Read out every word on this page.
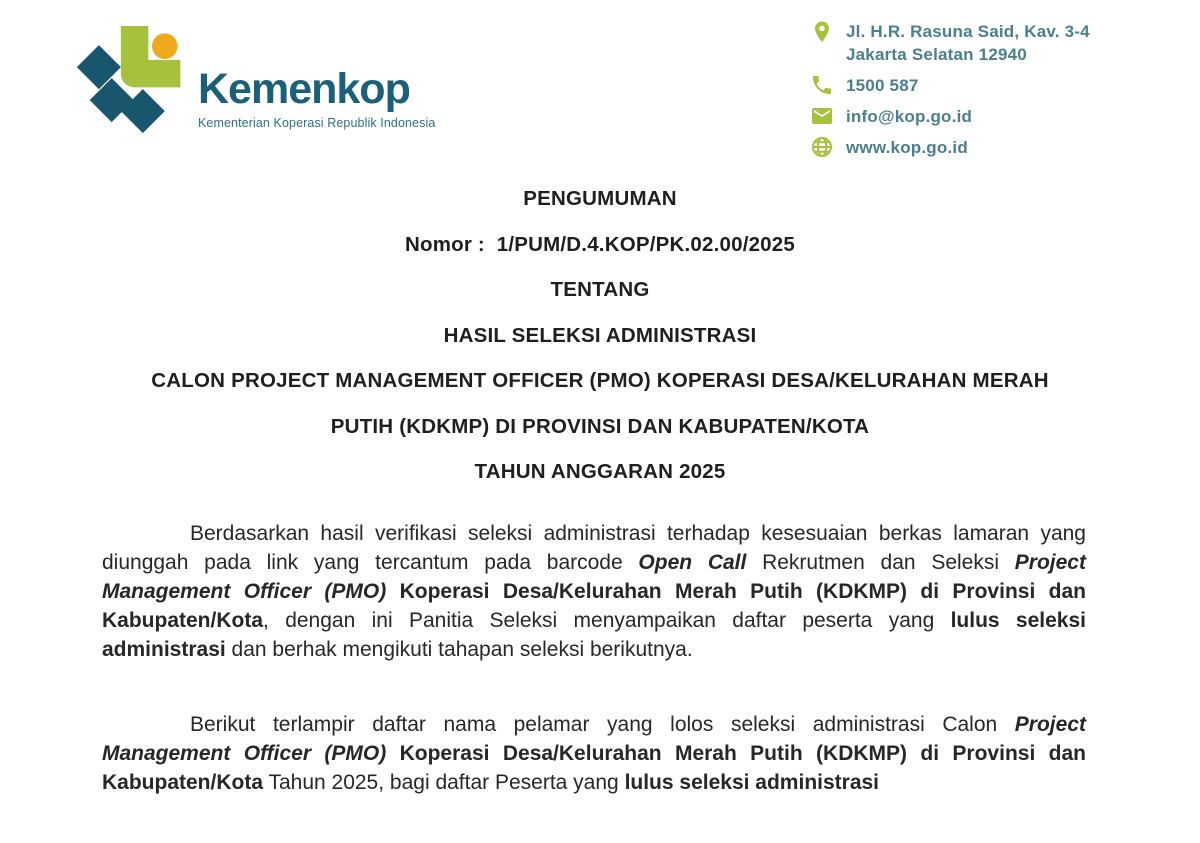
Kemenkop
Kementerian Koperasi Republik Indonesia
Jl. H.R. Rasuna Said, Kav. 3-4
Jakarta Selatan 12940
1500 587
info@kop.go.id
www.kop.go.id
PENGUMUMAN
Nomor :  1/PUM/D.4.KOP/PK.02.00/2025
TENTANG
HASIL SELEKSI ADMINISTRASI
CALON PROJECT MANAGEMENT OFFICER (PMO) KOPERASI DESA/KELURAHAN MERAH
PUTIH (KDKMP) DI PROVINSI DAN KABUPATEN/KOTA
TAHUN ANGGARAN 2025

Berdasarkan hasil verifikasi seleksi administrasi terhadap kesesuaian berkas lamaran yang diunggah pada link yang tercantum pada barcode Open Call Rekrutmen dan Seleksi Project Management Officer (PMO) Koperasi Desa/Kelurahan Merah Putih (KDKMP) di Provinsi dan Kabupaten/Kota, dengan ini Panitia Seleksi menyampaikan daftar peserta yang lulus seleksi administrasi dan berhak mengikuti tahapan seleksi berikutnya.

Berikut terlampir daftar nama pelamar yang lolos seleksi administrasi Calon Project Management Officer (PMO) Koperasi Desa/Kelurahan Merah Putih (KDKMP) di Provinsi dan Kabupaten/Kota Tahun 2025, bagi daftar Peserta yang lulus seleksi administrasi
